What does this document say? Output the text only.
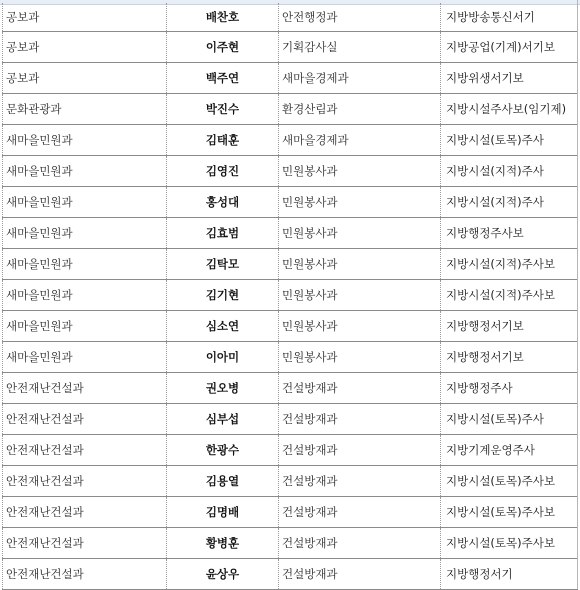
공보과	배찬호	안전행정과	지방방송통신서기
공보과	이주현	기획감사실	지방공업(기계)서기보
공보과	백주연	새마을경제과	지방위생서기보
문화관광과	박진수	환경산림과	지방시설주사보(임기제)
새마을민원과	김태훈	새마을경제과	지방시설(토목)주사
새마을민원과	김영진	민원봉사과	지방시설(지적)주사
새마을민원과	홍성대	민원봉사과	지방시설(지적)주사
새마을민원과	김효범	민원봉사과	지방행정주사보
새마을민원과	김탁모	민원봉사과	지방시설(지적)주사보
새마을민원과	김기현	민원봉사과	지방시설(지적)주사보
새마을민원과	심소연	민원봉사과	지방행정서기보
새마을민원과	이아미	민원봉사과	지방행정서기보
안전재난건설과	권오병	건설방재과	지방행정주사
안전재난건설과	심부섭	건설방재과	지방시설(토목)주사
안전재난건설과	한광수	건설방재과	지방기계운영주사
안전재난건설과	김용열	건설방재과	지방시설(토목)주사보
안전재난건설과	김명배	건설방재과	지방시설(토목)주사보
안전재난건설과	황병훈	건설방재과	지방시설(토목)주사보
안전재난건설과	윤상우	건설방재과	지방행정서기
